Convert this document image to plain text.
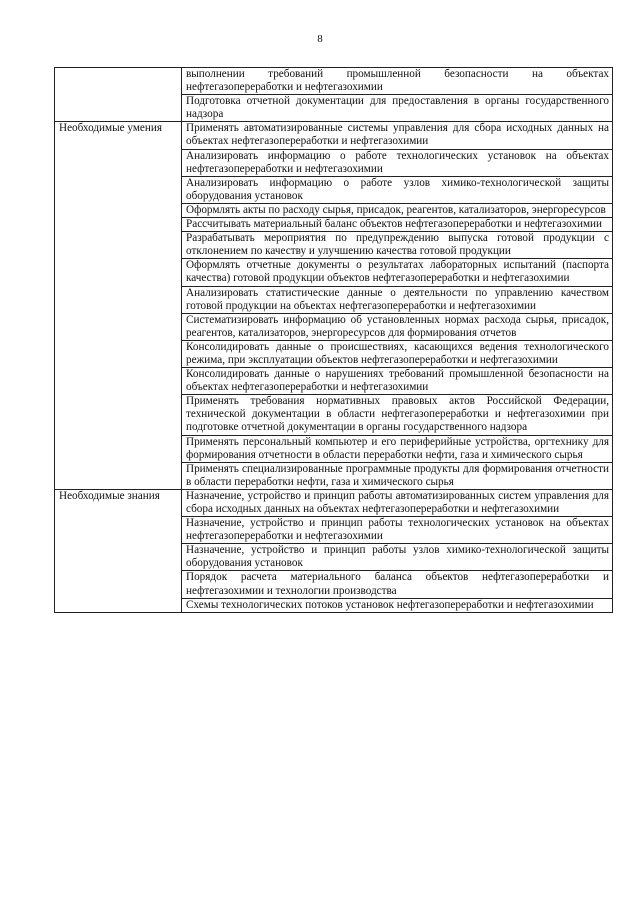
8
	выполнении требований промышленной безопасности на объектах нефтегазопереработки и нефтегазохимии
	Подготовка отчетной документации для предоставления в органы государственного надзора
Необходимые умения	Применять автоматизированные системы управления для сбора исходных данных на объектах нефтегазопереработки и нефтегазохимии
	Анализировать информацию о работе технологических установок на объектах нефтегазопереработки и нефтегазохимии
	Анализировать информацию о работе узлов химико-технологической защиты оборудования установок
	Оформлять акты по расходу сырья, присадок, реагентов, катализаторов, энергоресурсов
	Рассчитывать материальный баланс объектов нефтегазопереработки и нефтегазохимии
	Разрабатывать мероприятия по предупреждению выпуска готовой продукции с отклонением по качеству и улучшению качества готовой продукции
	Оформлять отчетные документы о результатах лабораторных испытаний (паспорта качества) готовой продукции объектов нефтегазопереработки и нефтегазохимии
	Анализировать статистические данные о деятельности по управлению качеством готовой продукции на объектах нефтегазопереработки и нефтегазохимии
	Систематизировать информацию об установленных нормах расхода сырья, присадок, реагентов, катализаторов, энергоресурсов для формирования отчетов
	Консолидировать данные о происшествиях, касающихся ведения технологического режима, при эксплуатации объектов нефтегазопереработки и нефтегазохимии
	Консолидировать данные о нарушениях требований промышленной безопасности на объектах нефтегазопереработки и нефтегазохимии
	Применять требования нормативных правовых актов Российской Федерации, технической документации в области нефтегазопереработки и нефтегазохимии при подготовке отчетной документации в органы государственного надзора
	Применять персональный компьютер и его периферийные устройства, оргтехнику для формирования отчетности в области переработки нефти, газа и химического сырья
	Применять специализированные программные продукты для формирования отчетности в области переработки нефти, газа и химического сырья
Необходимые знания	Назначение, устройство и принцип работы автоматизированных систем управления для сбора исходных данных на объектах нефтегазопереработки и нефтегазохимии
	Назначение, устройство и принцип работы технологических установок на объектах нефтегазопереработки и нефтегазохимии
	Назначение, устройство и принцип работы узлов химико-технологической защиты оборудования установок
	Порядок расчета материального баланса объектов нефтегазопереработки и нефтегазохимии и технологии производства
	Схемы технологических потоков установок нефтегазопереработки и нефтегазохимии
